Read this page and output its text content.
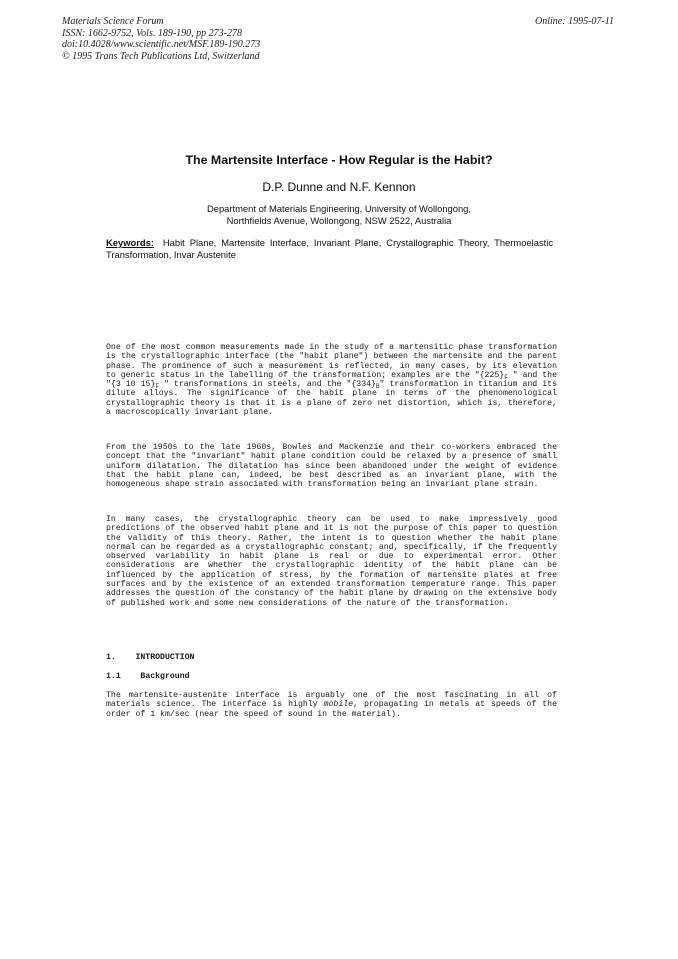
Materials Science Forum
ISSN: 1662-9752, Vols. 189-190, pp 273-278
doi:10.4028/www.scientific.net/MSF.189-190.273
© 1995 Trans Tech Publications Ltd, Switzerland
Online: 1995-07-11
The Martensite Interface - How Regular is the Habit?
D.P. Dunne and N.F. Kennon
Department of Materials Engineering, University of Wollongong,
Northfields Avenue, Wollongong, NSW 2522, Australia
Keywords: Habit Plane, Martensite Interface, Invariant Plane, Crystallographic Theory, Thermoelastic Transformation, Invar Austenite

One of the most common measurements made in the study of a martensitic phase transformation is the crystallographic interface (the "habit plane") between the martensite and the parent phase. The prominence of such a measurement is reflected, in many cases, by its elevation to generic status in the labelling of the transformation; examples are the "$\{225\}_F$ " and the "{3 10 $15\}_F$ " transformations in steels, and the "$\{334\}_B$" transformation in titanium and its dilute alloys. The significance of the habit plane in terms of the phenomenological crystallographic theory is that it is a plane of zero net distortion, which is, therefore, a macroscopically invariant plane.

From the 1950s to the late 1960s, Bowles and Mackenzie and their co-workers embraced the concept that the "invariant" habit plane condition could be relaxed by a presence of small uniform dilatation. The dilatation has since been abandoned under the weight of evidence that the habit plane can, indeed, be best described as an invariant plane, with the homogeneous shape strain associated with transformation being an invariant plane strain.

In many cases, the crystallographic theory can be used to make impressively good predictions of the observed habit plane and it is not the purpose of this paper to question the validity of this theory. Rather, the intent is to question whether the habit plane normal can be regarded as a crystallographic constant; and, specifically, if the frequently observed variability in habit plane is real or due to experimental error. Other considerations are whether the crystallographic identity of the habit plane can be influenced by the application of stress, by the formation of martensite plates at free surfaces and by the existence of an extended transformation temperature range. This paper addresses the question of the constancy of the habit plane by drawing on the extensive body of published work and some new considerations of the nature of the transformation.

1. INTRODUCTION
1.1 Background

The martensite-austenite interface is arguably one of the most fascinating in all of materials science. The interface is highly mobile, propagating in metals at speeds of the order of 1 km/sec (near the speed of sound in the material).
